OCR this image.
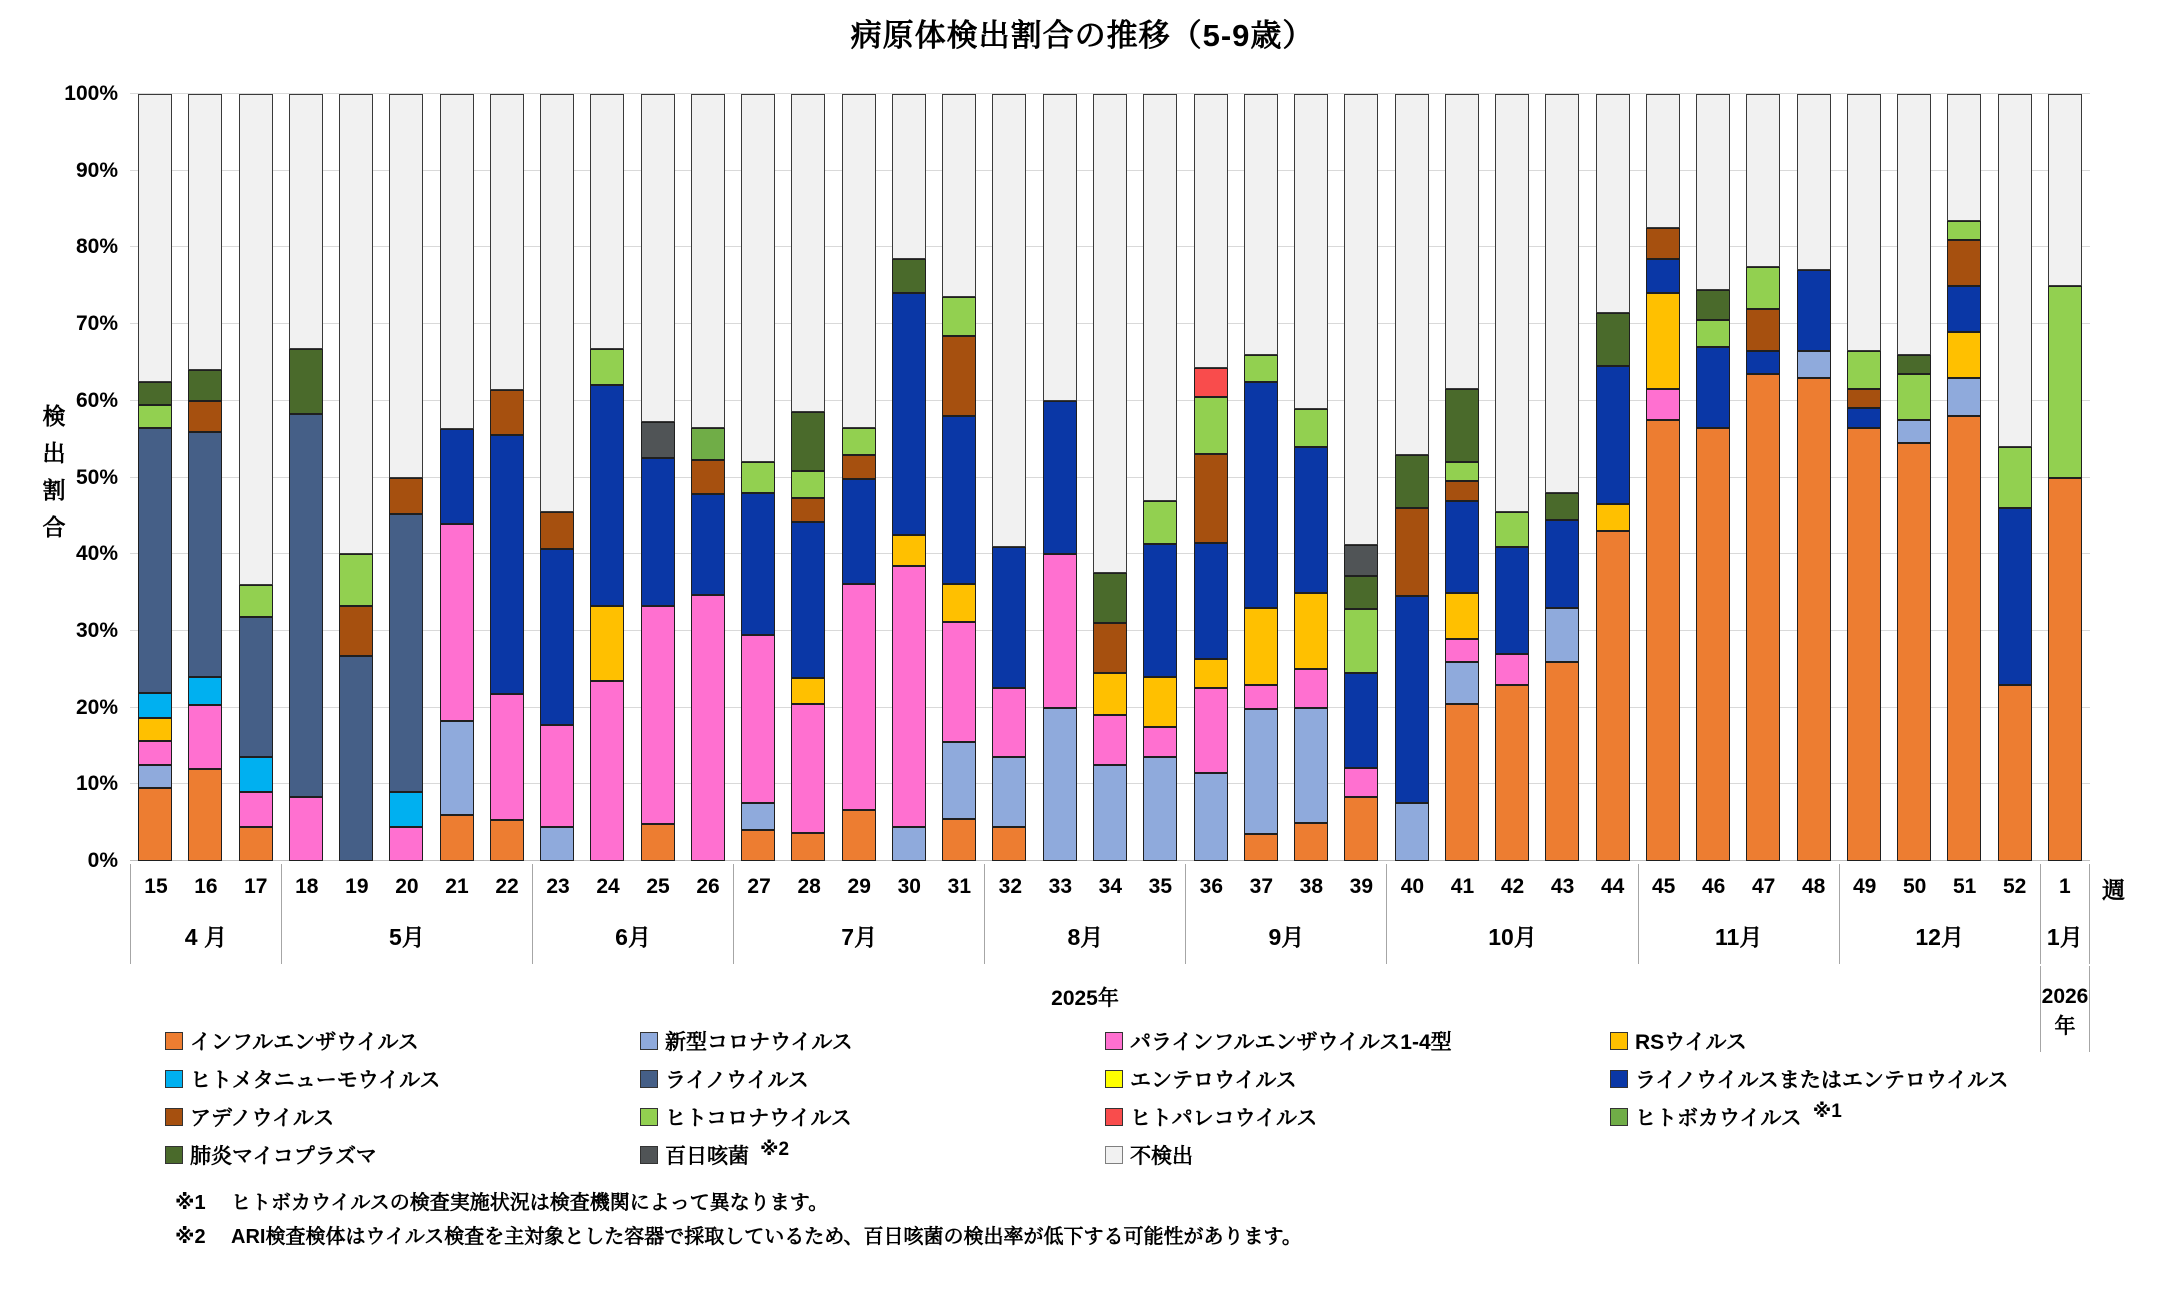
病原体検出割合の推移（5-9歳）
検出割合
0%
10%
20%
30%
40%
50%
60%
70%
80%
90%
100%
15	16	17
4 月
18	19	20	21	22
5月
23	24	25	26
6月
27	28	29	30	31
7月
32	33	34	35
8月
36	37	38	39
9月
40	41	42	43	44
10月
45	46	47	48
11月
49	50	51	52
12月
1
1月
週
2025年	2026年
インフルエンザウイルス	新型コロナウイルス	パラインフルエンザウイルス1-4型	RSウイルス
ヒトメタニューモウイルス	ライノウイルス	エンテロウイルス	ライノウイルスまたはエンテロウイルス
アデノウイルス	ヒトコロナウイルス	ヒトパレコウイルス	ヒトボカウイルス ※1
肺炎マイコプラズマ	百日咳菌 ※2	不検出
※1	ヒトボカウイルスの検査実施状況は検査機関によって異なります。
※2	ARI検査検体はウイルス検査を主対象とした容器で採取しているため、百日咳菌の検出率が低下する可能性があります。
